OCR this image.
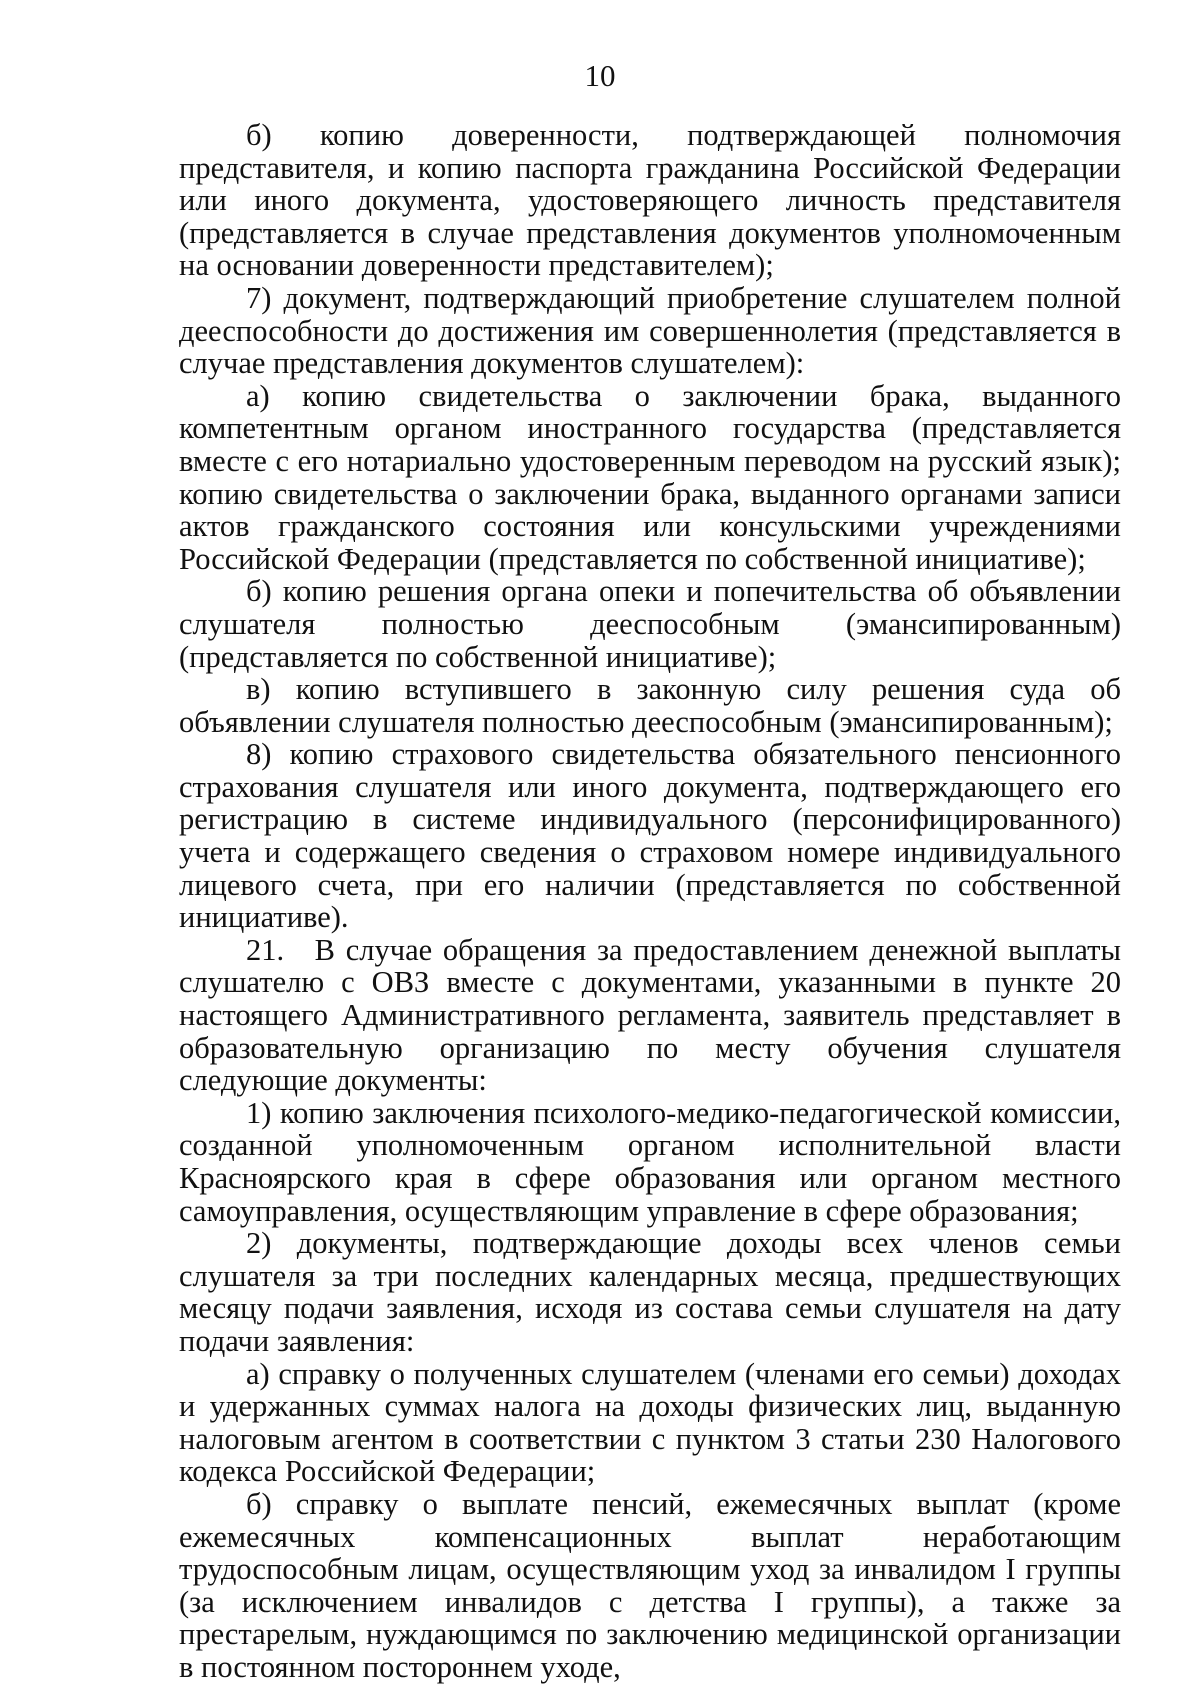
10

б) копию доверенности, подтверждающей полномочия представителя, и копию паспорта гражданина Российской Федерации или иного документа, удостоверяющего личность представителя (представляется в случае представления документов уполномоченным на основании доверенности представителем);

7) документ, подтверждающий приобретение слушателем полной дееспособности до достижения им совершеннолетия (представляется в случае представления документов слушателем):

а) копию свидетельства о заключении брака, выданного компетентным органом иностранного государства (представляется вместе с его нотариально удостоверенным переводом на русский язык); копию свидетельства о заключении брака, выданного органами записи актов гражданского состояния или консульскими учреждениями Российской Федерации (представляется по собственной инициативе);

б) копию решения органа опеки и попечительства об объявлении слушателя полностью дееспособным (эмансипированным) (представляется по собственной инициативе);

в) копию вступившего в законную силу решения суда об объявлении слушателя полностью дееспособным (эмансипированным);

8) копию страхового свидетельства обязательного пенсионного страхования слушателя или иного документа, подтверждающего его регистрацию в системе индивидуального (персонифицированного) учета и содержащего сведения о страховом номере индивидуального лицевого счета, при его наличии (представляется по собственной инициативе).

21. В случае обращения за предоставлением денежной выплаты слушателю с ОВЗ вместе с документами, указанными в пункте 20 настоящего Административного регламента, заявитель представляет в образовательную организацию по месту обучения слушателя следующие документы:

1) копию заключения психолого-медико-педагогической комиссии, созданной уполномоченным органом исполнительной власти Красноярского края в сфере образования или органом местного самоуправления, осуществляющим управление в сфере образования;

2) документы, подтверждающие доходы всех членов семьи слушателя за три последних календарных месяца, предшествующих месяцу подачи заявления, исходя из состава семьи слушателя на дату подачи заявления:

а) справку о полученных слушателем (членами его семьи) доходах и удержанных суммах налога на доходы физических лиц, выданную налоговым агентом в соответствии с пунктом 3 статьи 230 Налогового кодекса Российской Федерации;

б) справку о выплате пенсий, ежемесячных выплат (кроме ежемесячных компенсационных выплат неработающим трудоспособным лицам, осуществляющим уход за инвалидом I группы (за исключением инвалидов с детства I группы), а также за престарелым, нуждающимся по заключению медицинской организации в постоянном постороннем уходе,
